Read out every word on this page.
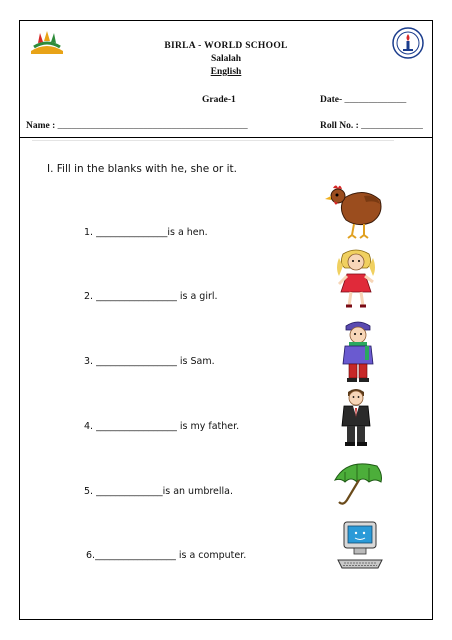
BIRLA - WORLD SCHOOL
Salalah
English
Grade-1	Date- _____________
Name : ________________________________________	Roll No. : _____________
I. Fill in the blanks with he, she or it.
1. _______________is a hen.
2. _________________ is a girl.
3. _________________ is Sam.
4. _________________ is my father.
5. ______________is an umbrella.
6._________________ is a computer.
